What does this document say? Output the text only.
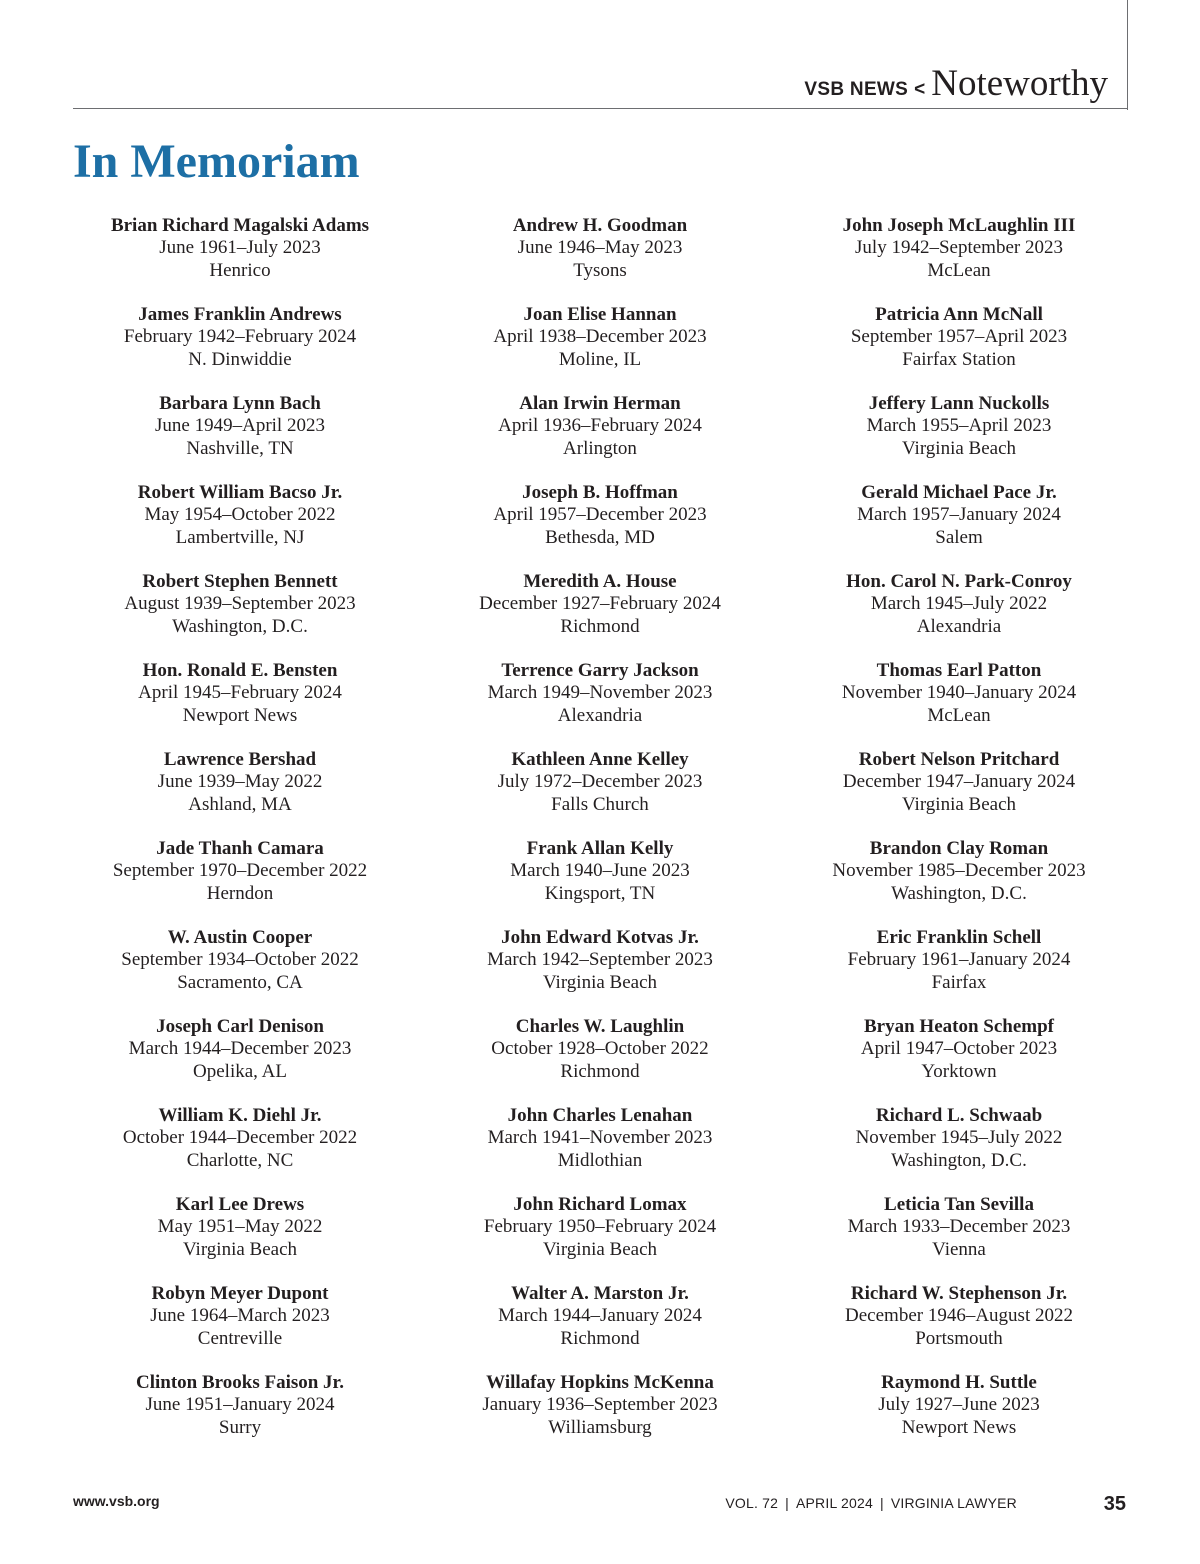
VSB NEWS < Noteworthy
In Memoriam
Brian Richard Magalski Adams
June 1961–July 2023
Henrico
James Franklin Andrews
February 1942–February 2024
N. Dinwiddie
Barbara Lynn Bach
June 1949–April 2023
Nashville, TN
Robert William Bacso Jr.
May 1954–October 2022
Lambertville, NJ
Robert Stephen Bennett
August 1939–September 2023
Washington, D.C.
Hon. Ronald E. Bensten
April 1945–February 2024
Newport News
Lawrence Bershad
June 1939–May 2022
Ashland, MA
Jade Thanh Camara
September 1970–December 2022
Herndon
W. Austin Cooper
September 1934–October 2022
Sacramento, CA
Joseph Carl Denison
March 1944–December 2023
Opelika, AL
William K. Diehl Jr.
October 1944–December 2022
Charlotte, NC
Karl Lee Drews
May 1951–May 2022
Virginia Beach
Robyn Meyer Dupont
June 1964–March 2023
Centreville
Clinton Brooks Faison Jr.
June 1951–January 2024
Surry
Andrew H. Goodman
June 1946–May 2023
Tysons
Joan Elise Hannan
April 1938–December 2023
Moline, IL
Alan Irwin Herman
April 1936–February 2024
Arlington
Joseph B. Hoffman
April 1957–December 2023
Bethesda, MD
Meredith A. House
December 1927–February 2024
Richmond
Terrence Garry Jackson
March 1949–November 2023
Alexandria
Kathleen Anne Kelley
July 1972–December 2023
Falls Church
Frank Allan Kelly
March 1940–June 2023
Kingsport, TN
John Edward Kotvas Jr.
March 1942–September 2023
Virginia Beach
Charles W. Laughlin
October 1928–October 2022
Richmond
John Charles Lenahan
March 1941–November 2023
Midlothian
John Richard Lomax
February 1950–February 2024
Virginia Beach
Walter A. Marston Jr.
March 1944–January 2024
Richmond
Willafay Hopkins McKenna
January 1936–September 2023
Williamsburg
John Joseph McLaughlin III
July 1942–September 2023
McLean
Patricia Ann McNall
September 1957–April 2023
Fairfax Station
Jeffery Lann Nuckolls
March 1955–April 2023
Virginia Beach
Gerald Michael Pace Jr.
March 1957–January 2024
Salem
Hon. Carol N. Park-Conroy
March 1945–July 2022
Alexandria
Thomas Earl Patton
November 1940–January 2024
McLean
Robert Nelson Pritchard
December 1947–January 2024
Virginia Beach
Brandon Clay Roman
November 1985–December 2023
Washington, D.C.
Eric Franklin Schell
February 1961–January 2024
Fairfax
Bryan Heaton Schempf
April 1947–October 2023
Yorktown
Richard L. Schwaab
November 1945–July 2022
Washington, D.C.
Leticia Tan Sevilla
March 1933–December 2023
Vienna
Richard W. Stephenson Jr.
December 1946–August 2022
Portsmouth
Raymond H. Suttle
July 1927–June 2023
Newport News
www.vsb.org	VOL. 72 | APRIL 2024 | VIRGINIA LAWYER	35
